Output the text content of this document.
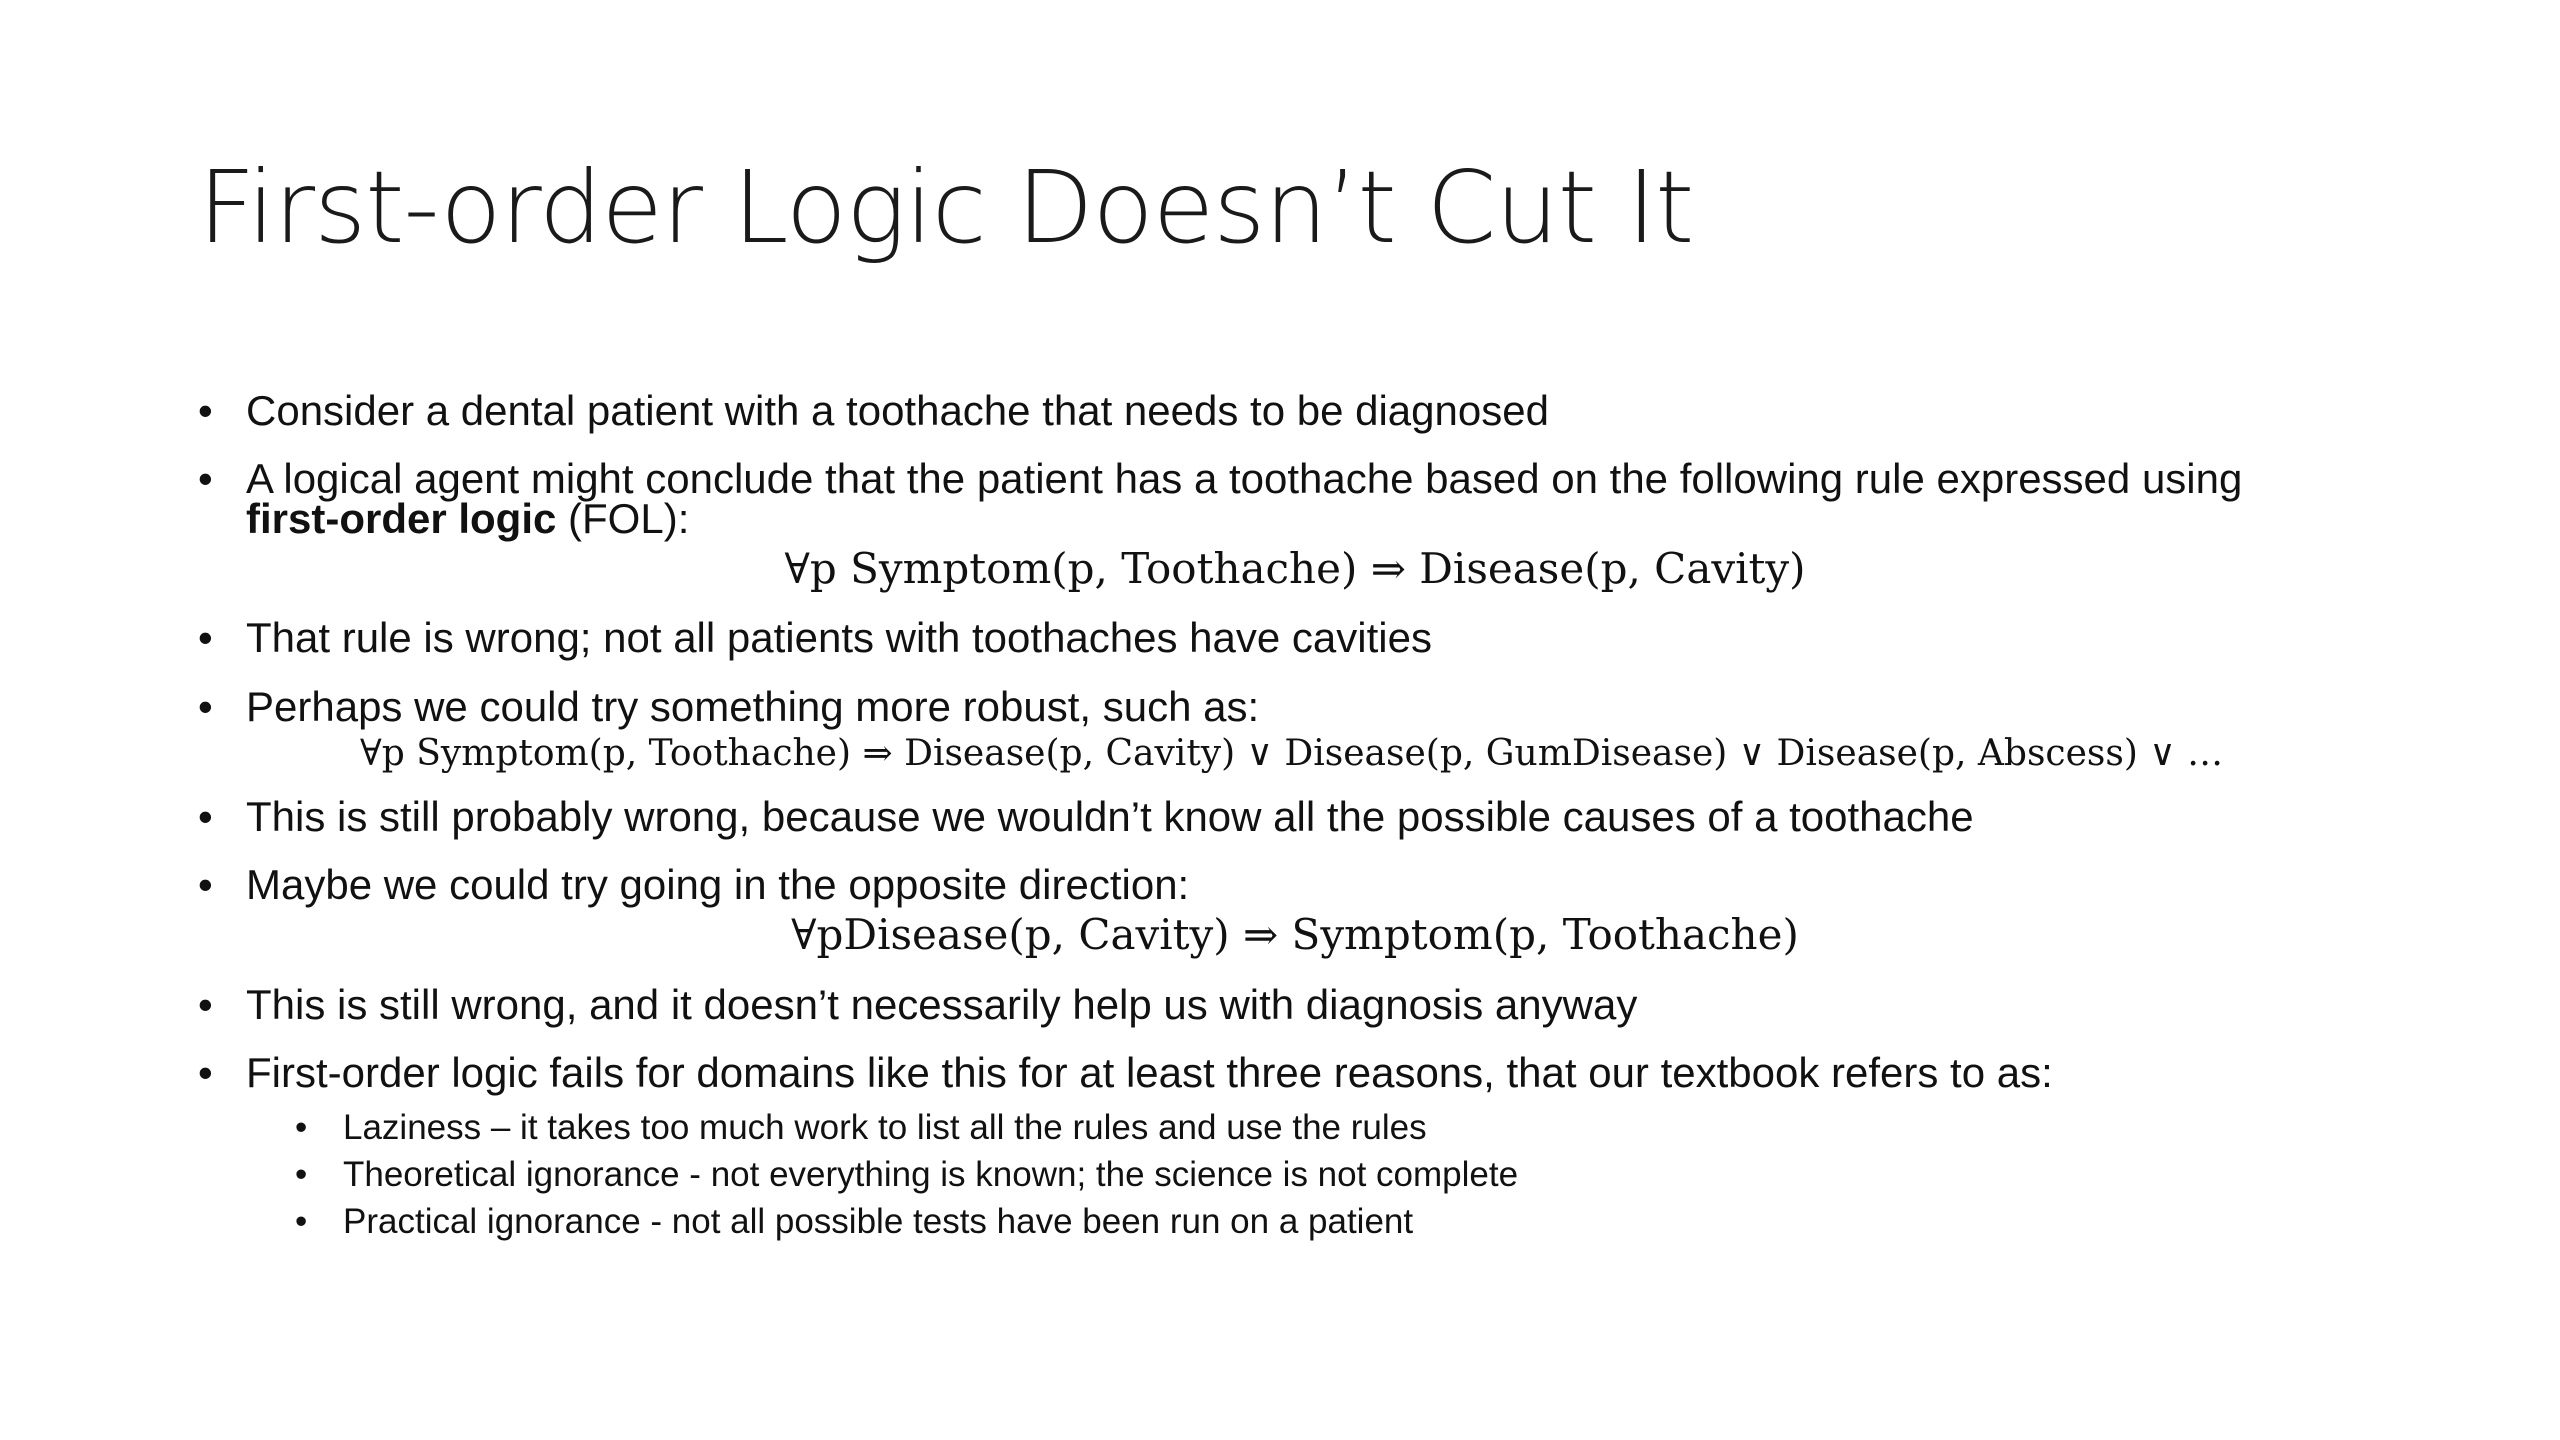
First-order Logic Doesn’t Cut It
• Consider a dental patient with a toothache that needs to be diagnosed
• A logical agent might conclude that the patient has a toothache based on the following rule expressed using
first-order logic (FOL):
∀p Symptom(p, Toothache) ⇒ Disease(p, Cavity)
• That rule is wrong; not all patients with toothaches have cavities
• Perhaps we could try something more robust, such as:
∀p Symptom(p, Toothache) ⇒ Disease(p, Cavity) ∨ Disease(p, GumDisease) ∨ Disease(p, Abscess) ∨ …
• This is still probably wrong, because we wouldn’t know all the possible causes of a toothache
• Maybe we could try going in the opposite direction:
∀pDisease(p, Cavity) ⇒ Symptom(p, Toothache)
• This is still wrong, and it doesn’t necessarily help us with diagnosis anyway
• First-order logic fails for domains like this for at least three reasons, that our textbook refers to as:
• Laziness – it takes too much work to list all the rules and use the rules
• Theoretical ignorance - not everything is known; the science is not complete
• Practical ignorance - not all possible tests have been run on a patient
